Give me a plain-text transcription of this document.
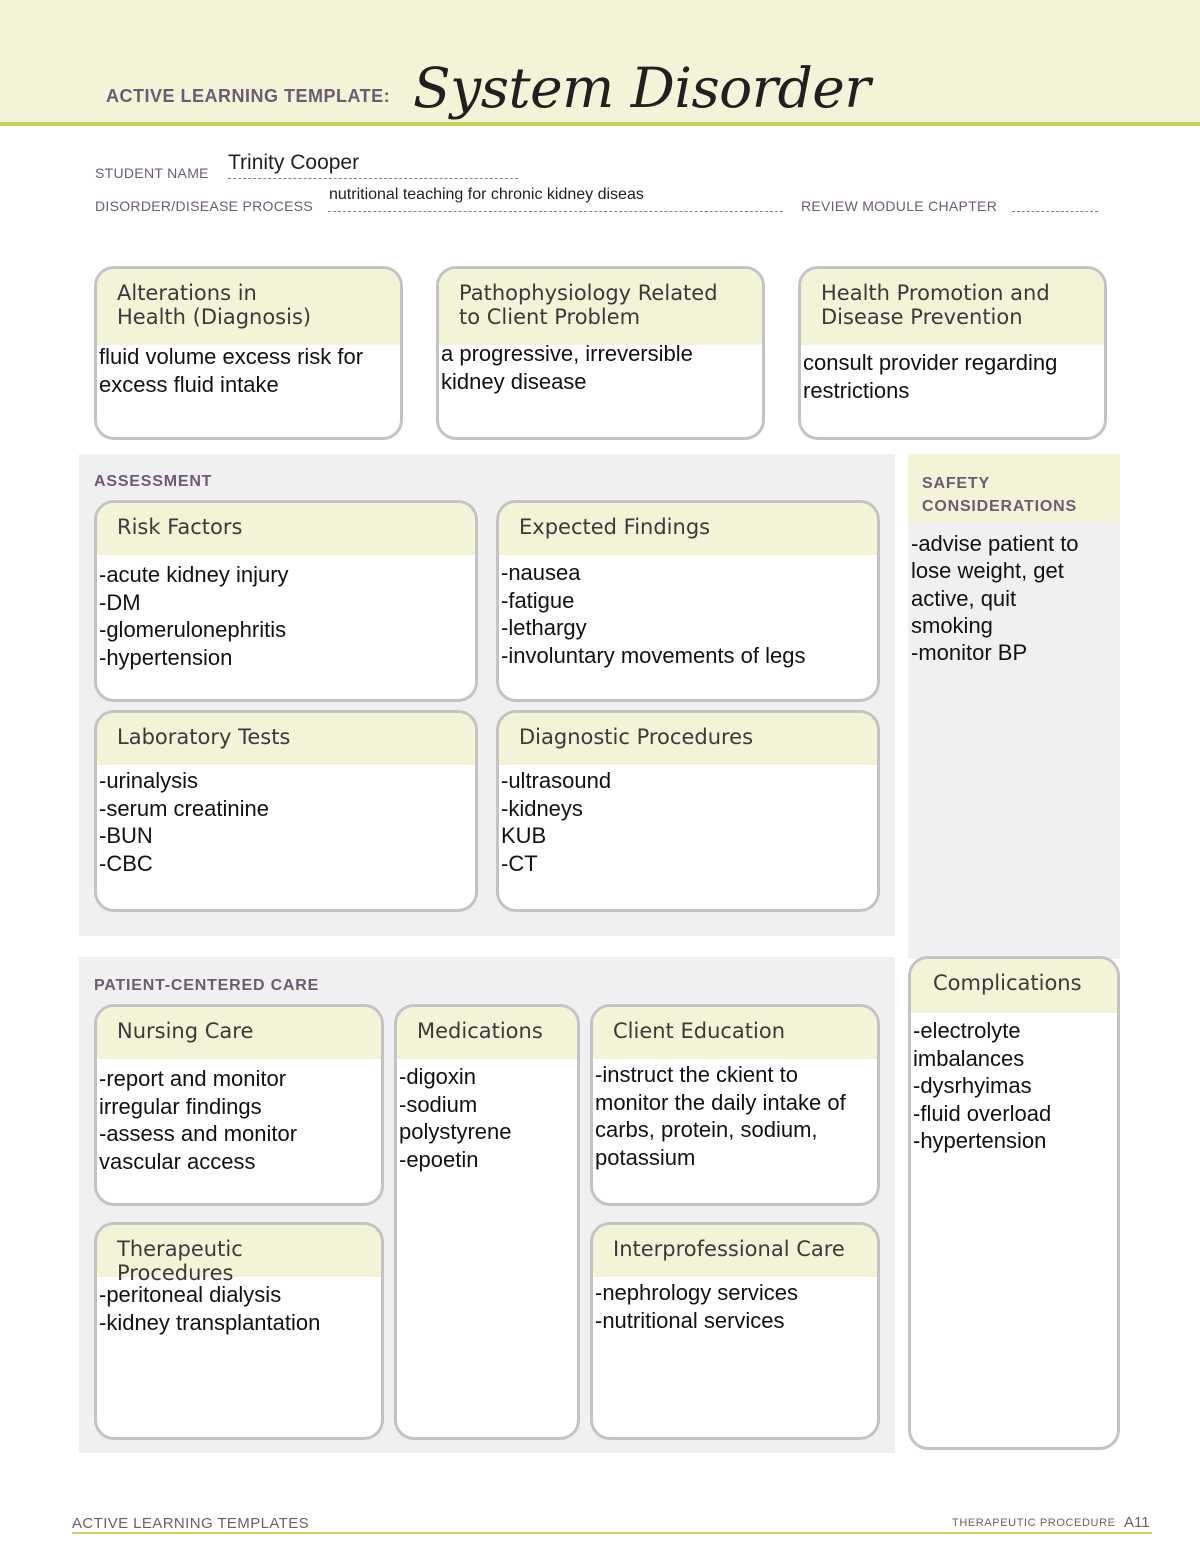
ACTIVE LEARNING TEMPLATE: System Disorder
STUDENT NAME Trinity Cooper
DISORDER/DISEASE PROCESS
nutritional teaching for chronic kidney diseas
REVIEW MODULE CHAPTER
Alterations in
Health (Diagnosis)
fluid volume excess risk for
excess fluid intake
Pathophysiology Related
to Client Problem
a progressive, irreversible
kidney disease
Health Promotion and
Disease Prevention
consult provider regarding
restrictions
ASSESSMENT
Risk Factors
-acute kidney injury
-DM
-glomerulonephritis
-hypertension
Expected Findings
-nausea
-fatigue
-lethargy
-involuntary movements of legs
Laboratory Tests
-urinalysis
-serum creatinine
-BUN
-CBC
Diagnostic Procedures
-ultrasound
-kidneys
KUB
-CT
SAFETY
CONSIDERATIONS
-advise patient to
lose weight, get
active, quit
smoking
-monitor BP
PATIENT-CENTERED CARE
Nursing Care
-report and monitor
irregular findings
-assess and monitor
vascular access
Medications
-digoxin
-sodium
polystyrene
-epoetin
Client Education
-instruct the ckient to
monitor the daily intake of
carbs, protein, sodium,
potassium
Therapeutic Procedures
-peritoneal dialysis
-kidney transplantation
Interprofessional Care
-nephrology services
-nutritional services
Complications
-electrolyte
imbalances
-dysrhyimas
-fluid overload
-hypertension
ACTIVE LEARNING TEMPLATES	THERAPEUTIC PROCEDURE A11
